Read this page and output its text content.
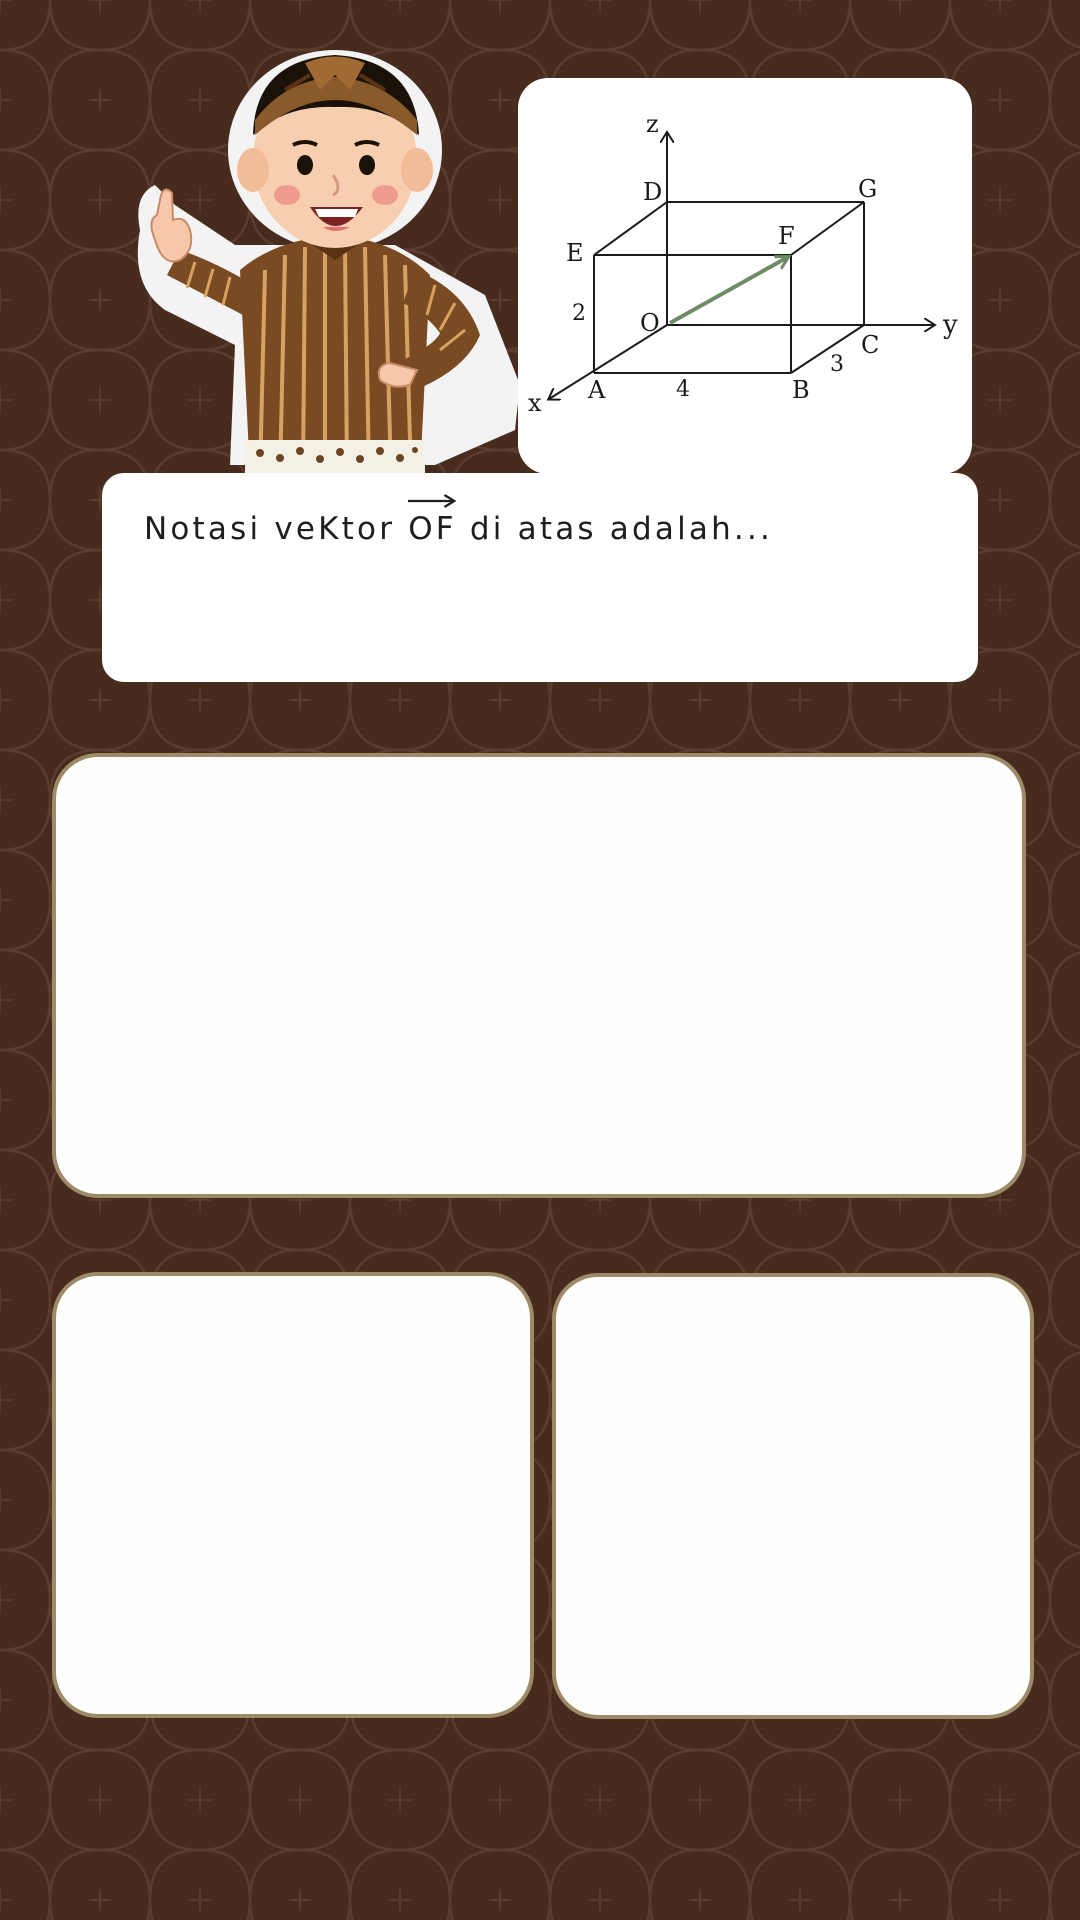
z
y
x
D	G
F
E
O
C
A	B
2
4
3

Notasi veKtor
OF di atas adalah...
